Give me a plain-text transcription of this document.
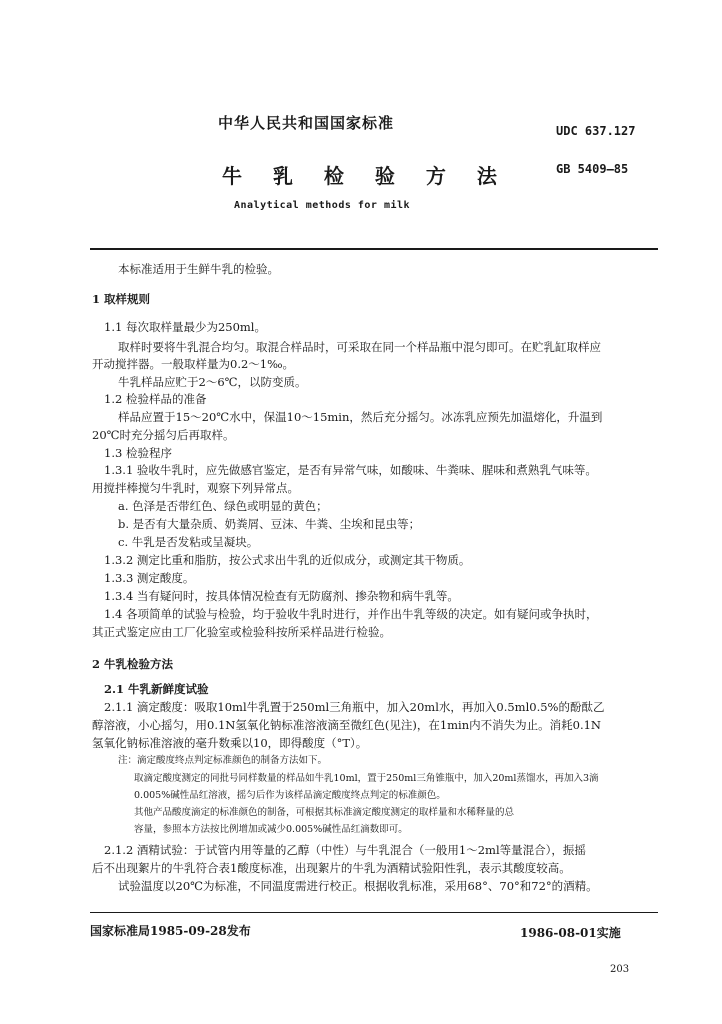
中华人民共和国国家标准	UDC 637.127
牛 乳 检 验 方 法	GB 5409—85
Analytical methods for milk
本标准适用于生鲜牛乳的检验。
1 取样规则
1.1 每次取样量最少为250ml。
取样时要将牛乳混合均匀。取混合样品时，可采取在同一个样品瓶中混匀即可。在贮乳缸取样应
开动搅拌器。一般取样量为0.2～1‰。
牛乳样品应贮于2～6℃，以防变质。
1.2 检验样品的准备
样品应置于15～20℃水中，保温10～15min，然后充分摇匀。冰冻乳应预先加温熔化，升温到
20℃时充分摇匀后再取样。
1.3 检验程序
1.3.1 验收牛乳时，应先做感官鉴定，是否有异常气味，如酸味、牛粪味、腥味和煮熟乳气味等。
用搅拌棒搅匀牛乳时，观察下列异常点。
a. 色泽是否带红色、绿色或明显的黄色；
b. 是否有大量杂质、奶粪屑、豆沫、牛粪、尘埃和昆虫等；
c. 牛乳是否发粘或呈凝块。
1.3.2 测定比重和脂肪，按公式求出牛乳的近似成分，或测定其干物质。
1.3.3 测定酸度。
1.3.4 当有疑问时，按具体情况检查有无防腐剂、掺杂物和病牛乳等。
1.4 各项简单的试验与检验，均于验收牛乳时进行，并作出牛乳等级的决定。如有疑问或争执时，
其正式鉴定应由工厂化验室或检验科按所采样品进行检验。
2 牛乳检验方法
2.1 牛乳新鲜度试验
2.1.1 滴定酸度：吸取10ml牛乳置于250ml三角瓶中，加入20ml水，再加入0.5ml0.5%的酚酞乙
醇溶液，小心摇匀，用0.1N氢氧化钠标准溶液滴至微红色(见注)，在1min内不消失为止。消耗0.1N
氢氧化钠标准溶液的毫升数乘以10，即得酸度（°T）。
注：滴定酸度终点判定标准颜色的制备方法如下。
取滴定酸度测定的同批号同样数量的样品如牛乳10ml，置于250ml三角锥瓶中，加入20ml蒸馏水，再加入3滴
0.005%碱性品红溶液，摇匀后作为该样品滴定酸度终点判定的标准颜色。
其他产品酸度滴定的标准颜色的制备，可根据其标准滴定酸度测定的取样量和水稀释量的总
容量，参照本方法按比例增加或减少0.005%碱性品红滴数即可。
2.1.2 酒精试验：于试管内用等量的乙醇（中性）与牛乳混合（一般用1～2ml等量混合），振摇
后不出现絮片的牛乳符合表1酸度标准，出现絮片的牛乳为酒精试验阳性乳，表示其酸度较高。
试验温度以20℃为标准，不同温度需进行校正。根据收乳标准，采用68°、70°和72°的酒精。
国家标准局1985-09-28发布	1986-08-01实施
203
